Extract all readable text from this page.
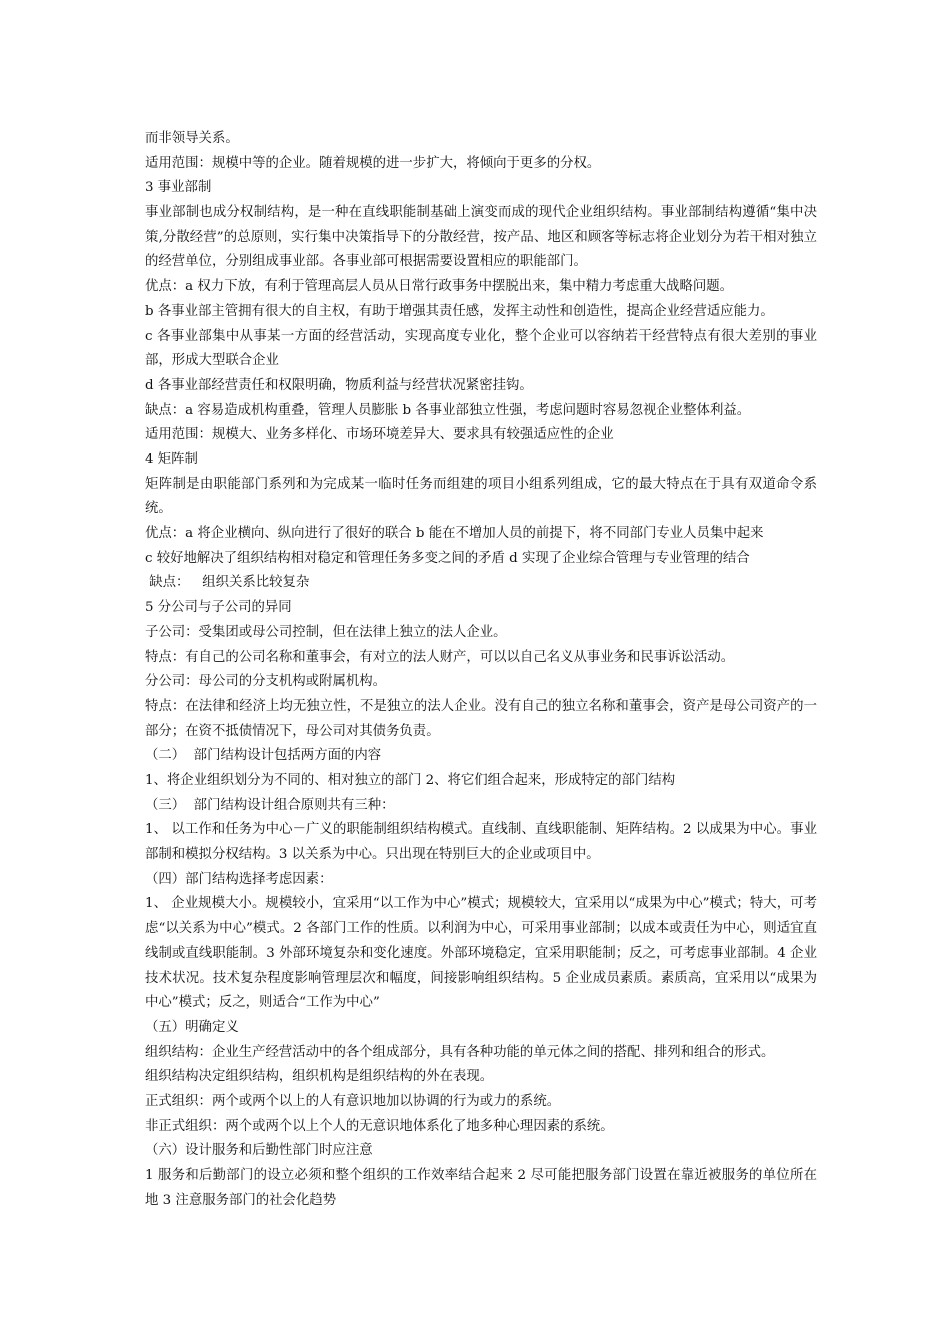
而非领导关系。
适用范围：规模中等的企业。随着规模的进一步扩大，将倾向于更多的分权。
3 事业部制
事业部制也成分权制结构，是一种在直线职能制基础上演变而成的现代企业组织结构。事业部制结构遵循“集中决策,分散经营”的总原则，实行集中决策指导下的分散经营，按产品、地区和顾客等标志将企业划分为若干相对独立的经营单位，分别组成事业部。各事业部可根据需要设置相应的职能部门。
优点：a 权力下放，有利于管理高层人员从日常行政事务中摆脱出来，集中精力考虑重大战略问题。
b 各事业部主管拥有很大的自主权，有助于增强其责任感，发挥主动性和创造性，提高企业经营适应能力。
c 各事业部集中从事某一方面的经营活动，实现高度专业化，整个企业可以容纳若干经营特点有很大差别的事业部，形成大型联合企业
d 各事业部经营责任和权限明确，物质利益与经营状况紧密挂钩。
缺点：a 容易造成机构重叠，管理人员膨胀 b 各事业部独立性强，考虑问题时容易忽视企业整体利益。
适用范围：规模大、业务多样化、市场环境差异大、要求具有较强适应性的企业
4 矩阵制
矩阵制是由职能部门系列和为完成某一临时任务而组建的项目小组系列组成，它的最大特点在于具有双道命令系统。
优点：a 将企业横向、纵向进行了很好的联合 b 能在不增加人员的前提下，将不同部门专业人员集中起来
c 较好地解决了组织结构相对稳定和管理任务多变之间的矛盾 d 实现了企业综合管理与专业管理的结合
缺点：   组织关系比较复杂
5 分公司与子公司的异同
子公司：受集团或母公司控制，但在法律上独立的法人企业。
特点：有自己的公司名称和董事会，有对立的法人财产，可以以自己名义从事业务和民事诉讼活动。
分公司：母公司的分支机构或附属机构。
特点：在法律和经济上均无独立性，不是独立的法人企业。没有自己的独立名称和董事会，资产是母公司资产的一部分；在资不抵债情况下，母公司对其债务负责。
（二）  部门结构设计包括两方面的内容
1、将企业组织划分为不同的、相对独立的部门 2、将它们组合起来，形成特定的部门结构
（三）  部门结构设计组合原则共有三种：
1、 以工作和任务为中心－广义的职能制组织结构模式。直线制、直线职能制、矩阵结构。2 以成果为中心。事业部制和模拟分权结构。3 以关系为中心。只出现在特别巨大的企业或项目中。
（四）部门结构选择考虑因素：
1、 企业规模大小。规模较小，宜采用“以工作为中心”模式；规模较大，宜采用以“成果为中心”模式；特大，可考虑“以关系为中心”模式。2 各部门工作的性质。以利润为中心，可采用事业部制；以成本或责任为中心，则适宜直线制或直线职能制。3 外部环境复杂和变化速度。外部环境稳定，宜采用职能制；反之，可考虑事业部制。4 企业技术状况。技术复杂程度影响管理层次和幅度，间接影响组织结构。5 企业成员素质。素质高，宜采用以“成果为中心”模式；反之，则适合“工作为中心”
（五）明确定义
组织结构：企业生产经营活动中的各个组成部分，具有各种功能的单元体之间的搭配、排列和组合的形式。
组织结构决定组织结构，组织机构是组织结构的外在表现。
正式组织：两个或两个以上的人有意识地加以协调的行为或力的系统。
非正式组织：两个或两个以上个人的无意识地体系化了地多种心理因素的系统。
（六）设计服务和后勤性部门时应注意
1 服务和后勤部门的设立必须和整个组织的工作效率结合起来 2 尽可能把服务部门设置在靠近被服务的单位所在地 3 注意服务部门的社会化趋势
